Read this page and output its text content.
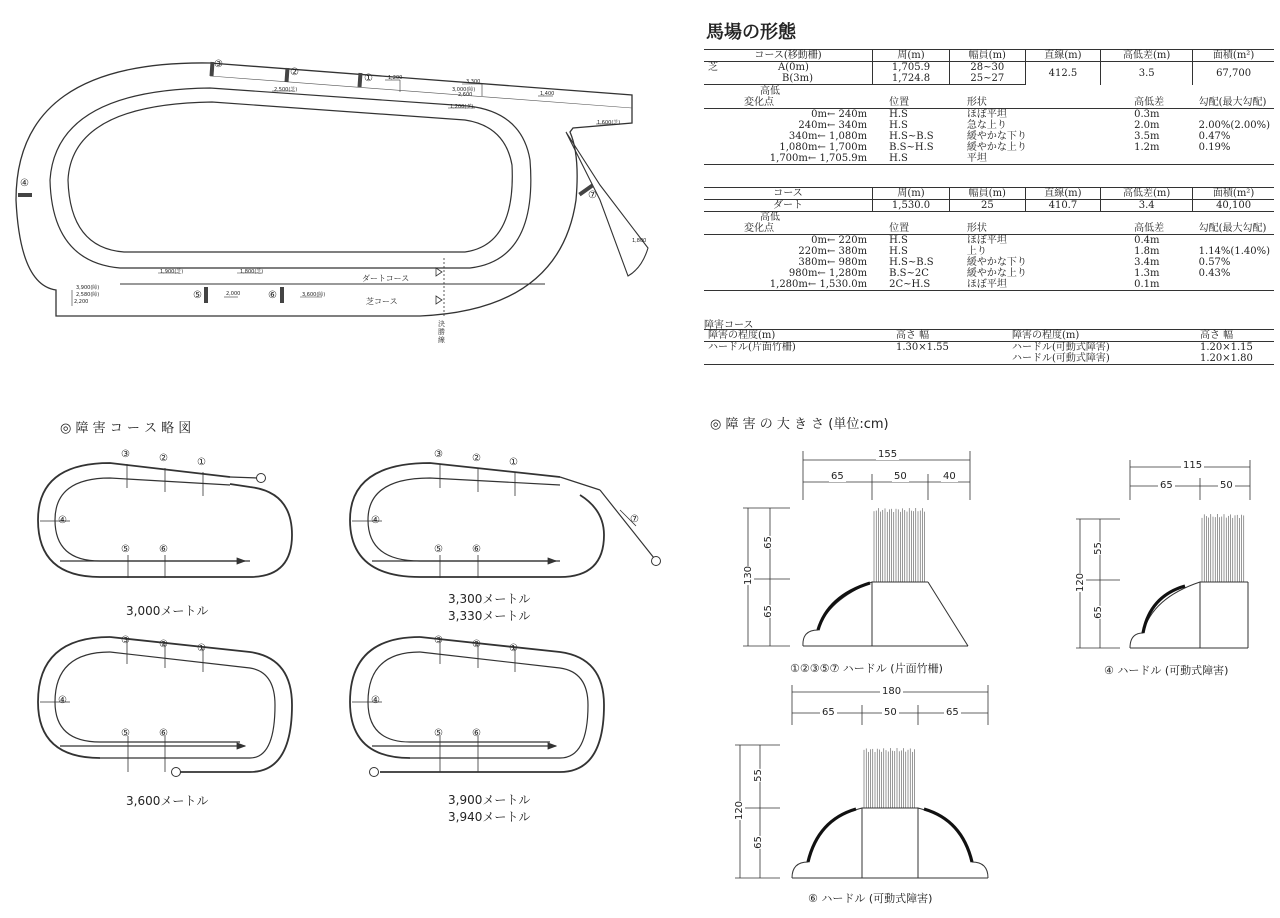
③
②
①
④
⑤	⑥
⑦
1,200
2,500(芝)
3,300
3,000(障)
2,600
1,200(ダ)
1,400
1,600(芝)
1,800
1,900(芝)	1,800(芝)
2,000	3,600(障)
3,900(障)
2,580(障)
2,200
ダートコース
芝コース
決勝線
馬場の形態
コース(移動柵)	周(m)	幅員(m)	直線(m)	高低差(m)	面積(m²)
芝 A(0m)	1,705.9	28~30	412.5	3.5	67,700
B(3m)	1,724.8	25~27			
高低				
変化点	位置	形状	高低差	勾配(最大勾配)
0m← 240m	H.S	ほぼ平坦	0.3m	
240m← 340m	H.S	急な上り	2.0m	2.00%(2.00%)
340m← 1,080m	H.S~B.S	緩やかな下り	3.5m	0.47%
1,080m← 1,700m	B.S~H.S	緩やかな上り	1.2m	0.19%
1,700m← 1,705.9m	H.S	平坦		
コース	周(m)	幅員(m)	直線(m)	高低差(m)	面積(m²)
ダート	1,530.0	25	410.7	3.4	40,100
高低				
変化点	位置	形状	高低差	勾配(最大勾配)
0m← 220m	H.S	ほぼ平坦	0.4m	
220m← 380m	H.S	上り	1.8m	1.14%(1.40%)
380m← 980m	H.S~B.S	緩やかな下り	3.4m	0.57%
980m← 1,280m	B.S~2C	緩やかな上り	1.3m	0.43%
1,280m← 1,530.0m	2C~H.S	ほぼ平坦	0.1m	
障害コース
障害の程度(m)	高さ 幅	障害の程度(m)	高さ 幅
ハードル(片面竹柵)	1.30×1.55	ハードル(可動式障害)	1.20×1.15
		ハードル(可動式障害)	1.20×1.80
◎ 障 害 コ ー ス 略 図
③	②	①
④
⑤	⑥
③	②	①
④
⑤	⑥
⑦
③	②	①
④
⑤	⑥
③	②	①
④
⑤	⑥
3,000メートル
3,300メートル
3,330メートル
3,600メートル	3,900メートル
3,940メートル
◎ 障 害 の 大 き さ (単位:cm)
155
65	50	40
130
65
65
①②③⑤⑦ ハードル (片面竹柵)
115
65	50
120
55
65
④ ハードル (可動式障害)
180
65	50	65
120
55
65
⑥ ハードル (可動式障害)
